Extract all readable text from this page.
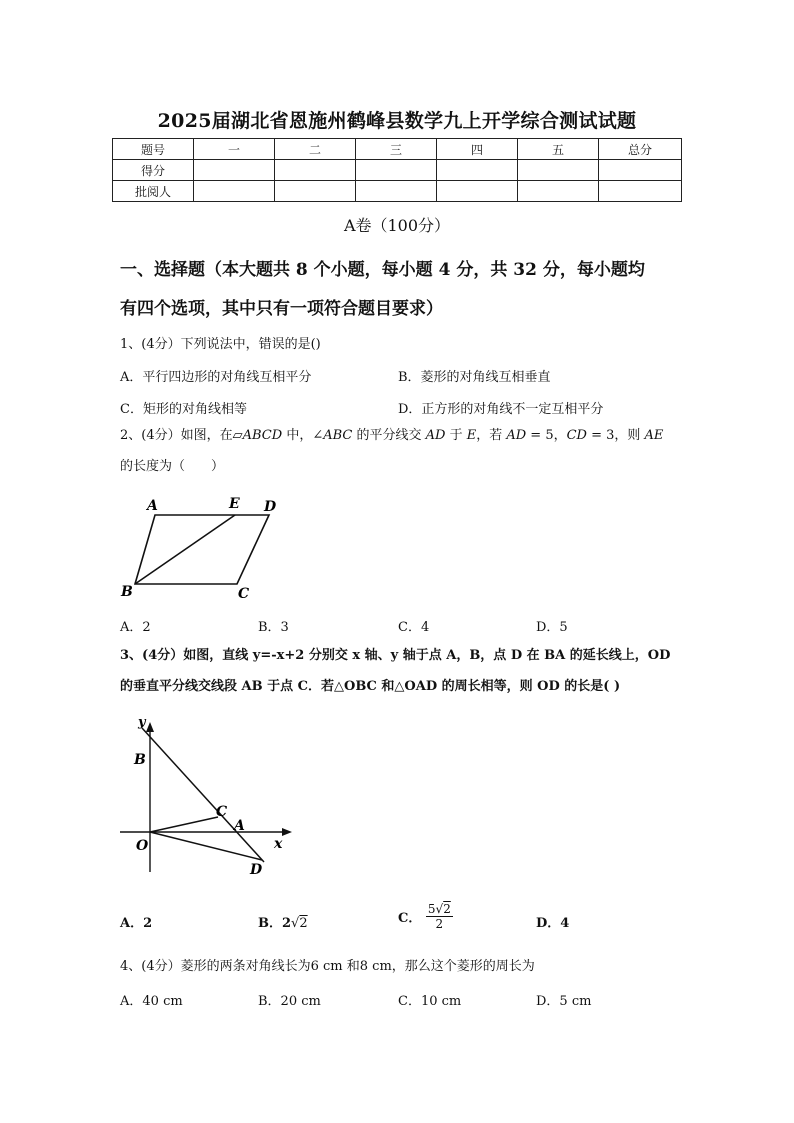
2025届湖北省恩施州鹤峰县数学九上开学综合测试试题
题号	一	二	三	四	五	总分
得分						
批阅人						
A卷（100分）
一、选择题（本大题共 8 个小题，每小题 4 分，共 32 分，每小题均
有四个选项，其中只有一项符合题目要求）
1、(4分）下列说法中，错误的是()
A．平行四边形的对角线互相平分	B．菱形的对角线互相垂直
C．矩形的对角线相等	D．正方形的对角线不一定互相平分
2、(4分）如图，在▱ABCD 中，∠ABC 的平分线交 AD 于 E，若 AD = 5，CD = 3，则 AE
的长度为（　　）
A	E D
B	C
A．2	B．3	C．4	D．5
3、(4分）如图，直线 y=-x+2 分别交 x 轴、y 轴于点 A，B，点 D 在 BA 的延长线上，OD
的垂直平分线交线段 AB 于点 C．若△OBC 和△OAD 的周长相等，则 OD 的长是( )
y
B
C
A
O	x
D
A．2	B．2√2	C． $\frac{5√2}{2}$	D．4
4、(4分）菱形的两条对角线长为6 cm 和8 cm，那么这个菱形的周长为
A．40 cm	B．20 cm	C．10 cm	D．5 cm
